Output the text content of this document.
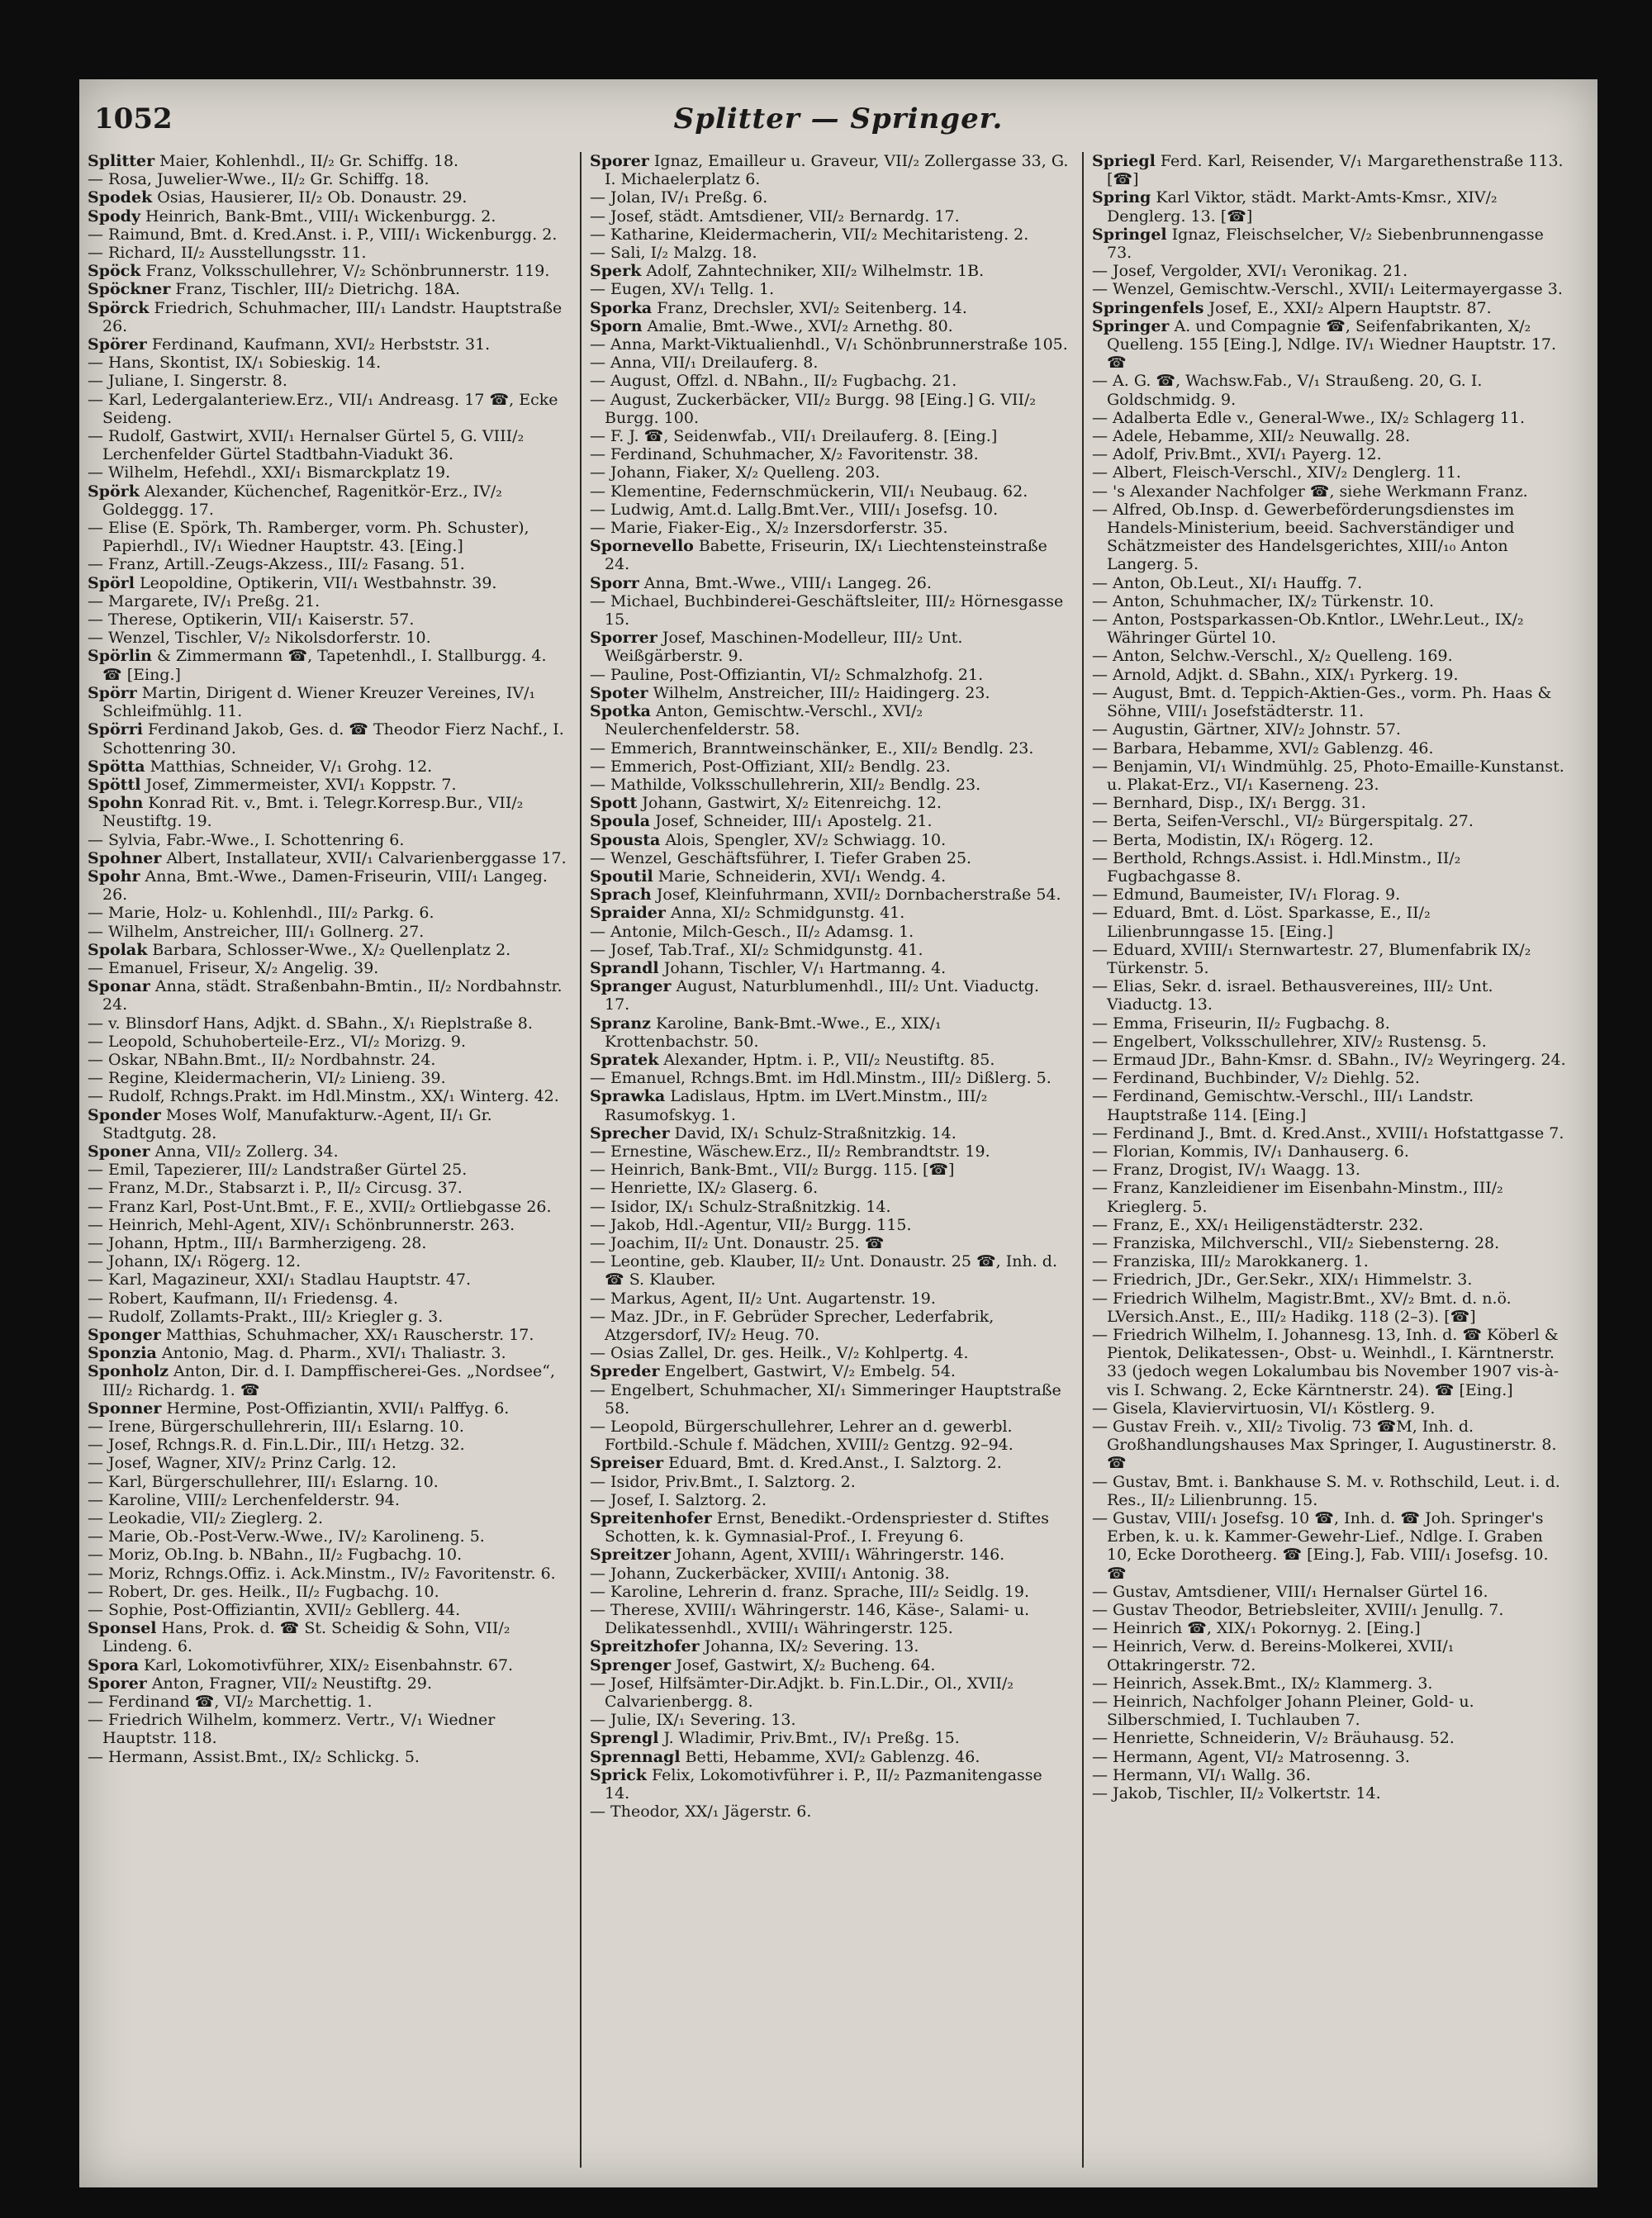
1052	Splitter — Springer.

Splitter Maier, Kohlenhdl., II/₂ Gr. Schiffg. 18.

— Rosa, Juwelier-Wwe., II/₂ Gr. Schiffg. 18.

Spodek Osias, Hausierer, II/₂ Ob. Donaustr. 29.

Spody Heinrich, Bank-Bmt., VIII/₁ Wickenburgg. 2.

— Raimund, Bmt. d. Kred.Anst. i. P., VIII/₁ Wickenburgg. 2.

— Richard, II/₂ Ausstellungsstr. 11.

Spöck Franz, Volksschullehrer, V/₂ Schönbrunnerstr. 119.

Spöckner Franz, Tischler, III/₂ Dietrichg. 18A.

Spörck Friedrich, Schuhmacher, III/₁ Landstr. Hauptstraße 26.

Spörer Ferdinand, Kaufmann, XVI/₂ Herbststr. 31.

— Hans, Skontist, IX/₁ Sobieskig. 14.

— Juliane, I. Singerstr. 8.

— Karl, Ledergalanteriew.Erz., VII/₁ Andreasg. 17 ☎, Ecke Seideng.

— Rudolf, Gastwirt, XVII/₁ Hernalser Gürtel 5, G. VIII/₂ Lerchenfelder Gürtel Stadtbahn-Viadukt 36.

— Wilhelm, Hefehdl., XXI/₁ Bismarckplatz 19.

Spörk Alexander, Küchenchef, Ragenitkör-Erz., IV/₂ Goldeggg. 17.

— Elise (E. Spörk, Th. Ramberger, vorm. Ph. Schuster), Papierhdl., IV/₁ Wiedner Hauptstr. 43. [Eing.]

— Franz, Artill.-Zeugs-Akzess., III/₂ Fasang. 51.

Spörl Leopoldine, Optikerin, VII/₁ Westbahnstr. 39.

— Margarete, IV/₁ Preßg. 21.

— Therese, Optikerin, VII/₁ Kaiserstr. 57.

— Wenzel, Tischler, V/₂ Nikolsdorferstr. 10.

Spörlin & Zimmermann ☎, Tapetenhdl., I. Stallburgg. 4. ☎ [Eing.]

Spörr Martin, Dirigent d. Wiener Kreuzer Vereines, IV/₁ Schleifmühlg. 11.

Spörri Ferdinand Jakob, Ges. d. ☎ Theodor Fierz Nachf., I. Schottenring 30.

Spötta Matthias, Schneider, V/₁ Grohg. 12.

Spöttl Josef, Zimmermeister, XVI/₁ Koppstr. 7.

Spohn Konrad Rit. v., Bmt. i. Telegr.Korresp.Bur., VII/₂ Neustiftg. 19.

— Sylvia, Fabr.-Wwe., I. Schottenring 6.

Spohner Albert, Installateur, XVII/₁ Calvarienberggasse 17.

Spohr Anna, Bmt.-Wwe., Damen-Friseurin, VIII/₁ Langeg. 26.

— Marie, Holz- u. Kohlenhdl., III/₂ Parkg. 6.

— Wilhelm, Anstreicher, III/₁ Gollnerg. 27.

Spolak Barbara, Schlosser-Wwe., X/₂ Quellenplatz 2.

— Emanuel, Friseur, X/₂ Angelig. 39.

Sponar Anna, städt. Straßenbahn-Bmtin., II/₂ Nordbahnstr. 24.

— v. Blinsdorf Hans, Adjkt. d. SBahn., X/₁ Rieplstraße 8.

— Leopold, Schuhoberteile-Erz., VI/₂ Morizg. 9.

— Oskar, NBahn.Bmt., II/₂ Nordbahnstr. 24.

— Regine, Kleidermacherin, VI/₂ Linieng. 39.

— Rudolf, Rchngs.Prakt. im Hdl.Minstm., XX/₁ Winterg. 42.

Sponder Moses Wolf, Manufakturw.-Agent, II/₁ Gr. Stadtgutg. 28.

Sponer Anna, VII/₂ Zollerg. 34.

— Emil, Tapezierer, III/₂ Landstraßer Gürtel 25.

— Franz, M.Dr., Stabsarzt i. P., II/₂ Circusg. 37.

— Franz Karl, Post-Unt.Bmt., F. E., XVII/₂ Ortliebgasse 26.

— Heinrich, Mehl-Agent, XIV/₁ Schönbrunnerstr. 263.

— Johann, Hptm., III/₁ Barmherzigeng. 28.

— Johann, IX/₁ Rögerg. 12.

— Karl, Magazineur, XXI/₁ Stadlau Hauptstr. 47.

— Robert, Kaufmann, II/₁ Friedensg. 4.

— Rudolf, Zollamts-Prakt., III/₂ Kriegler g. 3.

Sponger Matthias, Schuhmacher, XX/₁ Rauscherstr. 17.

Sponzia Antonio, Mag. d. Pharm., XVI/₁ Thaliastr. 3.

Sponholz Anton, Dir. d. I. Dampffischerei-Ges. „Nordsee“, III/₂ Richardg. 1. ☎

Sponner Hermine, Post-Offiziantin, XVII/₁ Palffyg. 6.

— Irene, Bürgerschullehrerin, III/₁ Eslarng. 10.

— Josef, Rchngs.R. d. Fin.L.Dir., III/₁ Hetzg. 32.

— Josef, Wagner, XIV/₂ Prinz Carlg. 12.

— Karl, Bürgerschullehrer, III/₁ Eslarng. 10.

— Karoline, VIII/₂ Lerchenfelderstr. 94.

— Leokadie, VII/₂ Zieglerg. 2.

— Marie, Ob.-Post-Verw.-Wwe., IV/₂ Karolineng. 5.

— Moriz, Ob.Ing. b. NBahn., II/₂ Fugbachg. 10.

— Moriz, Rchngs.Offiz. i. Ack.Minstm., IV/₂ Favoritenstr. 6.

— Robert, Dr. ges. Heilk., II/₂ Fugbachg. 10.

— Sophie, Post-Offiziantin, XVII/₂ Gebllerg. 44.

Sponsel Hans, Prok. d. ☎ St. Scheidig & Sohn, VII/₂ Lindeng. 6.

Spora Karl, Lokomotivführer, XIX/₂ Eisenbahnstr. 67.

Sporer Anton, Fragner, VII/₂ Neustiftg. 29.

— Ferdinand ☎, VI/₂ Marchettig. 1.

— Friedrich Wilhelm, kommerz. Vertr., V/₁ Wiedner Hauptstr. 118.

— Hermann, Assist.Bmt., IX/₂ Schlickg. 5.

Sporer Ignaz, Emailleur u. Graveur, VII/₂ Zollergasse 33, G. I. Michaelerplatz 6.

— Jolan, IV/₁ Preßg. 6.

— Josef, städt. Amtsdiener, VII/₂ Bernardg. 17.

— Katharine, Kleidermacherin, VII/₂ Mechitaristeng. 2.

— Sali, I/₂ Malzg. 18.

Sperk Adolf, Zahntechniker, XII/₂ Wilhelmstr. 1B.

— Eugen, XV/₁ Tellg. 1.

Sporka Franz, Drechsler, XVI/₂ Seitenberg. 14.

Sporn Amalie, Bmt.-Wwe., XVI/₂ Arnethg. 80.

— Anna, Markt-Viktualienhdl., V/₁ Schönbrunnerstraße 105.

— Anna, VII/₁ Dreilauferg. 8.

— August, Offzl. d. NBahn., II/₂ Fugbachg. 21.

— August, Zuckerbäcker, VII/₂ Burgg. 98 [Eing.] G. VII/₂ Burgg. 100.

— F. J. ☎, Seidenwfab., VII/₁ Dreilauferg. 8. [Eing.]

— Ferdinand, Schuhmacher, X/₂ Favoritenstr. 38.

— Johann, Fiaker, X/₂ Quelleng. 203.

— Klementine, Federnschmückerin, VII/₁ Neubaug. 62.

— Ludwig, Amt.d. Lallg.Bmt.Ver., VIII/₁ Josefsg. 10.

— Marie, Fiaker-Eig., X/₂ Inzersdorferstr. 35.

Spornevello Babette, Friseurin, IX/₁ Liechtensteinstraße 24.

Sporr Anna, Bmt.-Wwe., VIII/₁ Langeg. 26.

— Michael, Buchbinderei-Geschäftsleiter, III/₂ Hörnesgasse 15.

Sporrer Josef, Maschinen-Modelleur, III/₂ Unt. Weißgärberstr. 9.

— Pauline, Post-Offiziantin, VI/₂ Schmalzhofg. 21.

Spoter Wilhelm, Anstreicher, III/₂ Haidingerg. 23.

Spotka Anton, Gemischtw.-Verschl., XVI/₂ Neulerchenfelderstr. 58.

— Emmerich, Branntweinschänker, E., XII/₂ Bendlg. 23.

— Emmerich, Post-Offiziant, XII/₂ Bendlg. 23.

— Mathilde, Volksschullehrerin, XII/₂ Bendlg. 23.

Spott Johann, Gastwirt, X/₂ Eitenreichg. 12.

Spoula Josef, Schneider, III/₁ Apostelg. 21.

Spousta Alois, Spengler, XV/₂ Schwiagg. 10.

— Wenzel, Geschäftsführer, I. Tiefer Graben 25.

Spoutil Marie, Schneiderin, XVI/₁ Wendg. 4.

Sprach Josef, Kleinfuhrmann, XVII/₂ Dornbacherstraße 54.

Spraider Anna, XI/₂ Schmidgunstg. 41.

— Antonie, Milch-Gesch., II/₂ Adamsg. 1.

— Josef, Tab.Traf., XI/₂ Schmidgunstg. 41.

Sprandl Johann, Tischler, V/₁ Hartmanng. 4.

Spranger August, Naturblumenhdl., III/₂ Unt. Viaductg. 17.

Spranz Karoline, Bank-Bmt.-Wwe., E., XIX/₁ Krottenbachstr. 50.

Spratek Alexander, Hptm. i. P., VII/₂ Neustiftg. 85.

— Emanuel, Rchngs.Bmt. im Hdl.Minstm., III/₂ Dißlerg. 5.

Sprawka Ladislaus, Hptm. im LVert.Minstm., III/₂ Rasumofskyg. 1.

Sprecher David, IX/₁ Schulz-Straßnitzkig. 14.

— Ernestine, Wäschew.Erz., II/₂ Rembrandtstr. 19.

— Heinrich, Bank-Bmt., VII/₂ Burgg. 115. [☎]

— Henriette, IX/₂ Glaserg. 6.

— Isidor, IX/₁ Schulz-Straßnitzkig. 14.

— Jakob, Hdl.-Agentur, VII/₂ Burgg. 115.

— Joachim, II/₂ Unt. Donaustr. 25. ☎

— Leontine, geb. Klauber, II/₂ Unt. Donaustr. 25 ☎, Inh. d. ☎ S. Klauber.

— Markus, Agent, II/₂ Unt. Augartenstr. 19.

— Maz. JDr., in F. Gebrüder Sprecher, Lederfabrik, Atzgersdorf, IV/₂ Heug. 70.

— Osias Zallel, Dr. ges. Heilk., V/₂ Kohlpertg. 4.

Spreder Engelbert, Gastwirt, V/₂ Embelg. 54.

— Engelbert, Schuhmacher, XI/₁ Simmeringer Hauptstraße 58.

— Leopold, Bürgerschullehrer, Lehrer an d. gewerbl. Fortbild.-Schule f. Mädchen, XVIII/₂ Gentzg. 92–94.

Spreiser Eduard, Bmt. d. Kred.Anst., I. Salztorg. 2.

— Isidor, Priv.Bmt., I. Salztorg. 2.

— Josef, I. Salztorg. 2.

Spreitenhofer Ernst, Benedikt.-Ordenspriester d. Stiftes Schotten, k. k. Gymnasial-Prof., I. Freyung 6.

Spreitzer Johann, Agent, XVIII/₁ Währingerstr. 146.

— Johann, Zuckerbäcker, XVIII/₁ Antonig. 38.

— Karoline, Lehrerin d. franz. Sprache, III/₂ Seidlg. 19.

— Therese, XVIII/₁ Währingerstr. 146, Käse-, Salami- u. Delikatessenhdl., XVIII/₁ Währingerstr. 125.

Spreitzhofer Johanna, IX/₂ Severing. 13.

Sprenger Josef, Gastwirt, X/₂ Bucheng. 64.

— Josef, Hilfsämter-Dir.Adjkt. b. Fin.L.Dir., Ol., XVII/₂ Calvarienbergg. 8.

— Julie, IX/₁ Severing. 13.

Sprengl J. Wladimir, Priv.Bmt., IV/₁ Preßg. 15.

Sprennagl Betti, Hebamme, XVI/₂ Gablenzg. 46.

Sprick Felix, Lokomotivführer i. P., II/₂ Pazmanitengasse 14.

— Theodor, XX/₁ Jägerstr. 6.

Spriegl Ferd. Karl, Reisender, V/₁ Margarethenstraße 113. [☎]

Spring Karl Viktor, städt. Markt-Amts-Kmsr., XIV/₂ Denglerg. 13. [☎]

Springel Ignaz, Fleischselcher, V/₂ Siebenbrunnengasse 73.

— Josef, Vergolder, XVI/₁ Veronikag. 21.

— Wenzel, Gemischtw.-Verschl., XVII/₁ Leitermayergasse 3.

Springenfels Josef, E., XXI/₂ Alpern Hauptstr. 87.

Springer A. und Compagnie ☎, Seifenfabrikanten, X/₂ Quelleng. 155 [Eing.], Ndlge. IV/₁ Wiedner Hauptstr. 17. ☎

— A. G. ☎, Wachsw.Fab., V/₁ Straußeng. 20, G. I. Goldschmidg. 9.

— Adalberta Edle v., General-Wwe., IX/₂ Schlagerg 11.

— Adele, Hebamme, XII/₂ Neuwallg. 28.

— Adolf, Priv.Bmt., XVI/₁ Payerg. 12.

— Albert, Fleisch-Verschl., XIV/₂ Denglerg. 11.

— 's Alexander Nachfolger ☎, siehe Werkmann Franz.

— Alfred, Ob.Insp. d. Gewerbeförderungsdienstes im Handels-Ministerium, beeid. Sachverständiger und Schätzmeister des Handelsgerichtes, XIII/₁₀ Anton Langerg. 5.

— Anton, Ob.Leut., XI/₁ Hauffg. 7.

— Anton, Schuhmacher, IX/₂ Türkenstr. 10.

— Anton, Postsparkassen-Ob.Kntlor., LWehr.Leut., IX/₂ Währinger Gürtel 10.

— Anton, Selchw.-Verschl., X/₂ Quelleng. 169.

— Arnold, Adjkt. d. SBahn., XIX/₁ Pyrkerg. 19.

— August, Bmt. d. Teppich-Aktien-Ges., vorm. Ph. Haas & Söhne, VIII/₁ Josefstädterstr. 11.

— Augustin, Gärtner, XIV/₂ Johnstr. 57.

— Barbara, Hebamme, XVI/₂ Gablenzg. 46.

— Benjamin, VI/₁ Windmühlg. 25, Photo-Emaille-Kunstanst. u. Plakat-Erz., VI/₁ Kaserneng. 23.

— Bernhard, Disp., IX/₁ Bergg. 31.

— Berta, Seifen-Verschl., VI/₂ Bürgerspitalg. 27.

— Berta, Modistin, IX/₁ Rögerg. 12.

— Berthold, Rchngs.Assist. i. Hdl.Minstm., II/₂ Fugbachgasse 8.

— Edmund, Baumeister, IV/₁ Florag. 9.

— Eduard, Bmt. d. Löst. Sparkasse, E., II/₂ Lilienbrunngasse 15. [Eing.]

— Eduard, XVIII/₁ Sternwartestr. 27, Blumenfabrik IX/₂ Türkenstr. 5.

— Elias, Sekr. d. israel. Bethausvereines, III/₂ Unt. Viaductg. 13.

— Emma, Friseurin, II/₂ Fugbachg. 8.

— Engelbert, Volksschullehrer, XIV/₂ Rustensg. 5.

— Ermaud JDr., Bahn-Kmsr. d. SBahn., IV/₂ Weyringerg. 24.

— Ferdinand, Buchbinder, V/₂ Diehlg. 52.

— Ferdinand, Gemischtw.-Verschl., III/₁ Landstr. Hauptstraße 114. [Eing.]

— Ferdinand J., Bmt. d. Kred.Anst., XVIII/₁ Hofstattgasse 7.

— Florian, Kommis, IV/₁ Danhauserg. 6.

— Franz, Drogist, IV/₁ Waagg. 13.

— Franz, Kanzleidiener im Eisenbahn-Minstm., III/₂ Krieglerg. 5.

— Franz, E., XX/₁ Heiligenstädterstr. 232.

— Franziska, Milchverschl., VII/₂ Siebensterng. 28.

— Franziska, III/₂ Marokkanerg. 1.

— Friedrich, JDr., Ger.Sekr., XIX/₁ Himmelstr. 3.

— Friedrich Wilhelm, Magistr.Bmt., XV/₂ Bmt. d. n.ö. LVersich.Anst., E., III/₂ Hadikg. 118 (2–3). [☎]

— Friedrich Wilhelm, I. Johannesg. 13, Inh. d. ☎ Köberl & Pientok, Delikatessen-, Obst- u. Weinhdl., I. Kärntnerstr. 33 (jedoch wegen Lokalumbau bis November 1907 vis-à-vis I. Schwang. 2, Ecke Kärntnerstr. 24). ☎ [Eing.]

— Gisela, Klaviervirtuosin, VI/₁ Köstlerg. 9.

— Gustav Freih. v., XII/₂ Tivolig. 73 ☎M, Inh. d. Großhandlungshauses Max Springer, I. Augustinerstr. 8. ☎

— Gustav, Bmt. i. Bankhause S. M. v. Rothschild, Leut. i. d. Res., II/₂ Lilienbrunng. 15.

— Gustav, VIII/₁ Josefsg. 10 ☎, Inh. d. ☎ Joh. Springer's Erben, k. u. k. Kammer-Gewehr-Lief., Ndlge. I. Graben 10, Ecke Dorotheerg. ☎ [Eing.], Fab. VIII/₁ Josefsg. 10. ☎

— Gustav, Amtsdiener, VIII/₁ Hernalser Gürtel 16.

— Gustav Theodor, Betriebsleiter, XVIII/₁ Jenullg. 7.

— Heinrich ☎, XIX/₁ Pokornyg. 2. [Eing.]

— Heinrich, Verw. d. Bereins-Molkerei, XVII/₁ Ottakringerstr. 72.

— Heinrich, Assek.Bmt., IX/₂ Klammerg. 3.

— Heinrich, Nachfolger Johann Pleiner, Gold- u. Silberschmied, I. Tuchlauben 7.

— Henriette, Schneiderin, V/₂ Bräuhausg. 52.

— Hermann, Agent, VI/₂ Matrosenng. 3.

— Hermann, VI/₁ Wallg. 36.

— Jakob, Tischler, II/₂ Volkertstr. 14.
